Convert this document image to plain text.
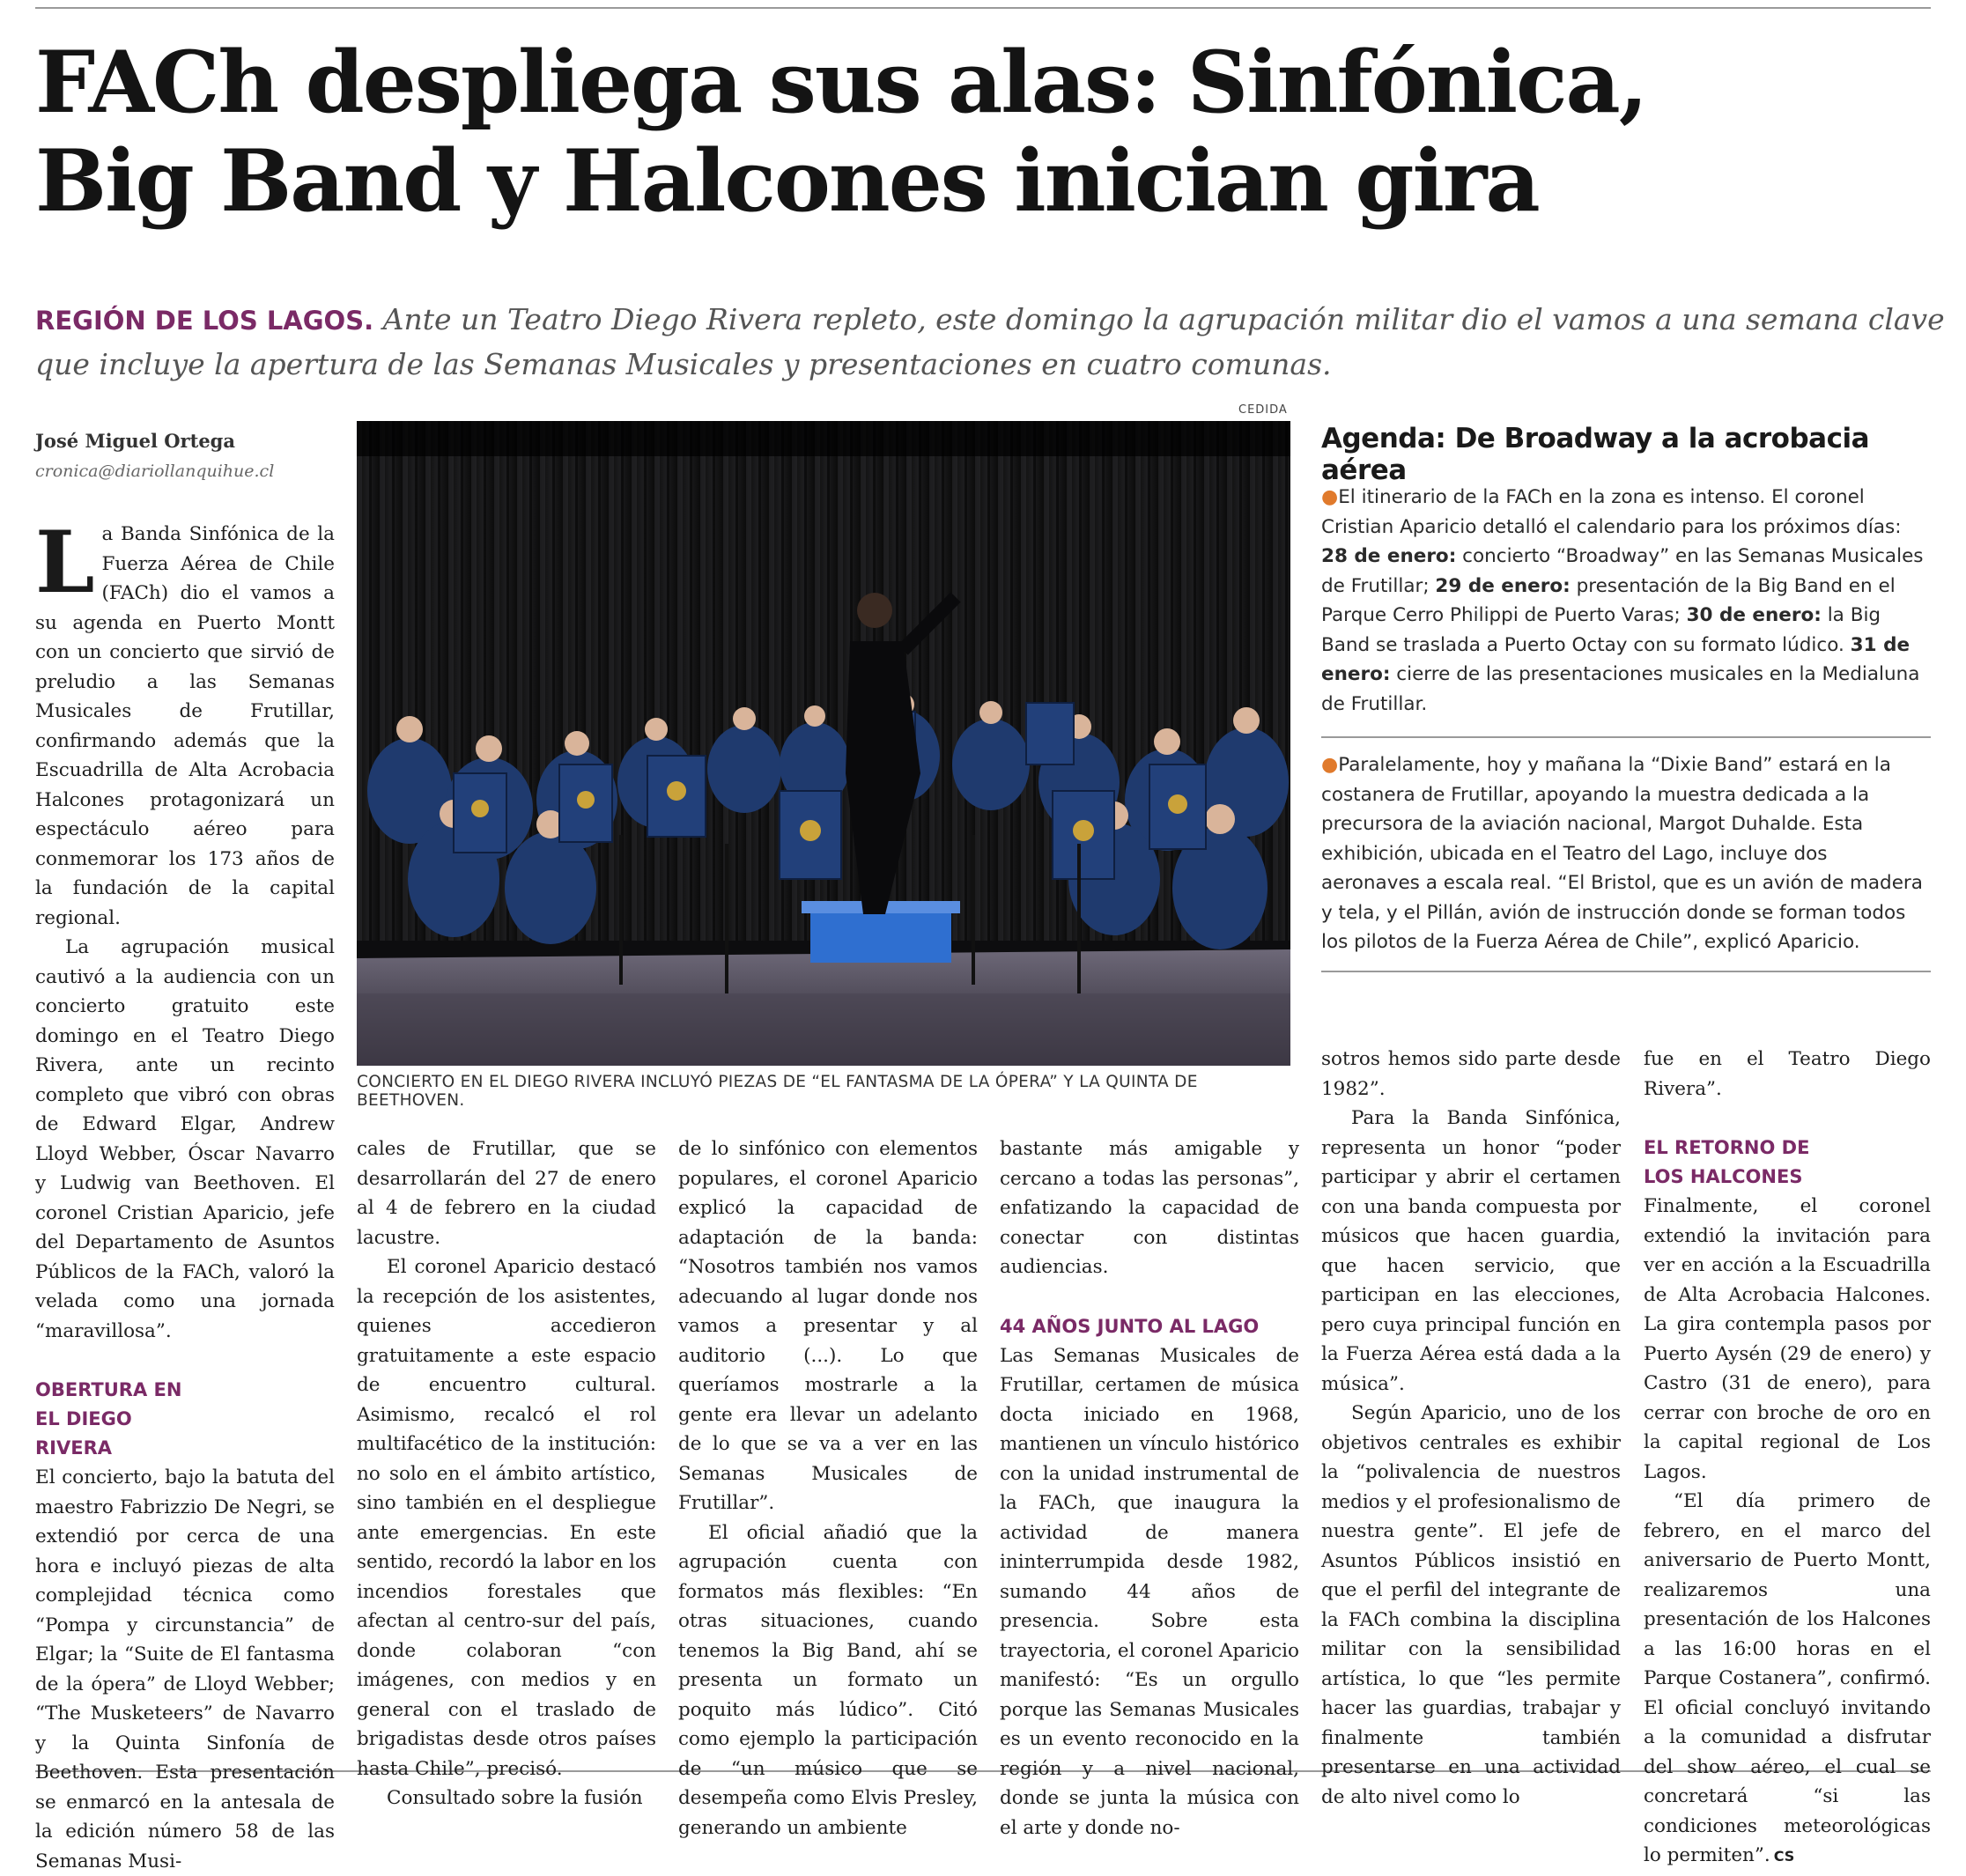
FACh despliega sus alas: Sinfónica,
Big Band y Halcones inician gira
REGIÓN DE LOS LAGOS. Ante un Teatro Diego Rivera repleto, este domingo la agrupación militar dio el vamos a una semana clave que incluye la apertura de las Semanas Musicales y presentaciones en cuatro comunas.
José Miguel Ortega
cronica@diariollanquihue.cl
CEDIDA
CONCIERTO EN EL DIEGO RIVERA INCLUYÓ PIEZAS DE “EL FANTASMA DE LA ÓPERA” Y LA QUINTA DE BEETHOVEN.

La Banda Sinfónica de la Fuerza Aérea de Chile (FACh) dio el vamos a su agenda en Puerto Montt con un concierto que sirvió de preludio a las Semanas Musicales de Frutillar, confirmando además que la Escuadrilla de Alta Acrobacia Halcones protagonizará un espectáculo aéreo para conmemorar los 173 años de la fundación de la capital regional.

La agrupación musical cautivó a la audiencia con un concierto gratuito este domingo en el Teatro Diego Rivera, ante un recinto completo que vibró con obras de Edward Elgar, Andrew Lloyd Webber, Óscar Navarro y Ludwig van Beethoven. El coronel Cristian Aparicio, jefe del Departamento de Asuntos Públicos de la FACh, valoró la velada como una jornada “maravillosa”.

OBERTURA EN EL DIEGO RIVERA

El concierto, bajo la batuta del maestro Fabrizzio De Negri, se extendió por cerca de una hora e incluyó piezas de alta complejidad técnica como “Pompa y circunstancia” de Elgar; la “Suite de El fantasma de la ópera” de Lloyd Webber; “The Musketeers” de Navarro y la Quinta Sinfonía de Beethoven. Esta presentación se enmarcó en la antesala de la edición número 58 de las Semanas Musi-

cales de Frutillar, que se desarrollarán del 27 de enero al 4 de febrero en la ciudad lacustre.

El coronel Aparicio destacó la recepción de los asistentes, quienes accedieron gratuitamente a este espacio de encuentro cultural. Asimismo, recalcó el rol multifacético de la institución: no solo en el ámbito artístico, sino también en el despliegue ante emergencias. En este sentido, recordó la labor en los incendios forestales que afectan al centro-sur del país, donde colaboran “con imágenes, con medios y en general con el traslado de brigadistas desde otros países hasta Chile”, precisó.

Consultado sobre la fusión

de lo sinfónico con elementos populares, el coronel Aparicio explicó la capacidad de adaptación de la banda: “Nosotros también nos vamos adecuando al lugar donde nos vamos a presentar y al auditorio (...). Lo que queríamos mostrarle a la gente era llevar un adelanto de lo que se va a ver en las Semanas Musicales de Frutillar”.

El oficial añadió que la agrupación cuenta con formatos más flexibles: “En otras situaciones, cuando tenemos la Big Band, ahí se presenta un formato un poquito más lúdico”. Citó como ejemplo la participación de “un músico que se desempeña como Elvis Presley, generando un ambiente

bastante más amigable y cercano a todas las personas”, enfatizando la capacidad de conectar con distintas audiencias.

44 AÑOS JUNTO AL LAGO

Las Semanas Musicales de Frutillar, certamen de música docta iniciado en 1968, mantienen un vínculo histórico con la unidad instrumental de la FACh, que inaugura la actividad de manera ininterrumpida desde 1982, sumando 44 años de presencia. Sobre esta trayectoria, el coronel Aparicio manifestó: “Es un orgullo porque las Semanas Musicales es un evento reconocido en la región y a nivel nacional, donde se junta la música con el arte y donde no-

sotros hemos sido parte desde 1982”.

Para la Banda Sinfónica, representa un honor “poder participar y abrir el certamen con una banda compuesta por músicos que hacen guardia, que hacen servicio, que participan en las elecciones, pero cuya principal función en la Fuerza Aérea está dada a la música”.

Según Aparicio, uno de los objetivos centrales es exhibir la “polivalencia de nuestros medios y el profesionalismo de nuestra gente”. El jefe de Asuntos Públicos insistió en que el perfil del integrante de la FACh combina la disciplina militar con la sensibilidad artística, lo que “les permite hacer las guardias, trabajar y finalmente también presentarse en una actividad de alto nivel como lo

fue en el Teatro Diego Rivera”.

EL RETORNO DE LOS HALCONES

Finalmente, el coronel extendió la invitación para ver en acción a la Escuadrilla de Alta Acrobacia Halcones. La gira contempla pasos por Puerto Aysén (29 de enero) y Castro (31 de enero), para cerrar con broche de oro en la capital regional de Los Lagos.

“El día primero de febrero, en el marco del aniversario de Puerto Montt, realizaremos una presentación de los Halcones a las 16:00 horas en el Parque Costanera”, confirmó. El oficial concluyó invitando a la comunidad a disfrutar del show aéreo, el cual se concretará “si las condiciones meteorológicas lo permiten”. CS

Agenda: De Broadway a la acrobacia aérea

●El itinerario de la FACh en la zona es intenso. El coronel Cristian Aparicio detalló el calendario para los próximos días: 28 de enero: concierto “Broadway” en las Semanas Musicales de Frutillar; 29 de enero: presentación de la Big Band en el Parque Cerro Philippi de Puerto Varas; 30 de enero: la Big Band se traslada a Puerto Octay con su formato lúdico. 31 de enero: cierre de las presentaciones musicales en la Medialuna de Frutillar.

●Paralelamente, hoy y mañana la “Dixie Band” estará en la costanera de Frutillar, apoyando la muestra dedicada a la precursora de la aviación nacional, Margot Duhalde. Esta exhibición, ubicada en el Teatro del Lago, incluye dos aeronaves a escala real. “El Bristol, que es un avión de madera y tela, y el Pillán, avión de instrucción donde se forman todos los pilotos de la Fuerza Aérea de Chile”, explicó Aparicio.
